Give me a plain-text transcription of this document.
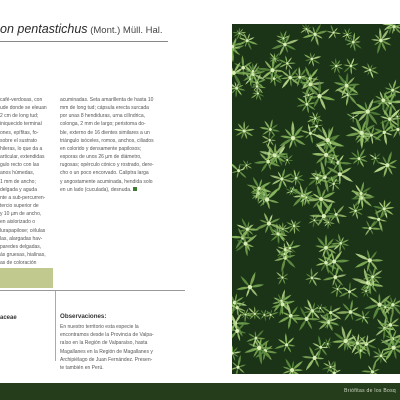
on pentastichus (Mont.) Müll. Hal.
café-verdosas, con
ude donde se eleuan
2 cm de long tud;
iniquecido terminal
ones, epífitas, fo-
sobre el sustrato
hileras, lo que da a
articular, extendidas
gulo recto con las
anos húmedas,
1 mm de ancho;
delgada y aguda
nte a sub-percurren-
tercio superior de
y 10 µm de ancho,
en aislorizado o
lurapapilose; células
las, alargadas hav-
paredes delgadas,
ás gruesas, hialinas,
as de coloración
acuminadas. Seta amarillenta de hasta 10
mm de long tud; cápsula erecta surcada
por unas 8 hendiduras, urna cilíndrica,
colonga, 2 mm de largo; peristoma do-
ble, externo de 16 dientes similares a un
triángulo isóceles, romos, anchos, ciliados
en colorido y densamente papilosos;
esporas de unos 26 µm de diámetro,
rugosas; opérculo cónico y rostrado, dere-
cho o un poco encorvado. Caliptra larga
y angostamente acuminada, hendida solo
en un lado (cuculada), desnuda.
aceae	Observaciones:
En nuestro territorio esta especie la
encontramos desde la Provincia de Valpa-
raíso en la Región de Valparaíso, hasta
Magallanes en la Región de Magallanes y
Archipiélago de Juan Fernández. Presen-
te también en Perú.
Briófitas de los Bosq
